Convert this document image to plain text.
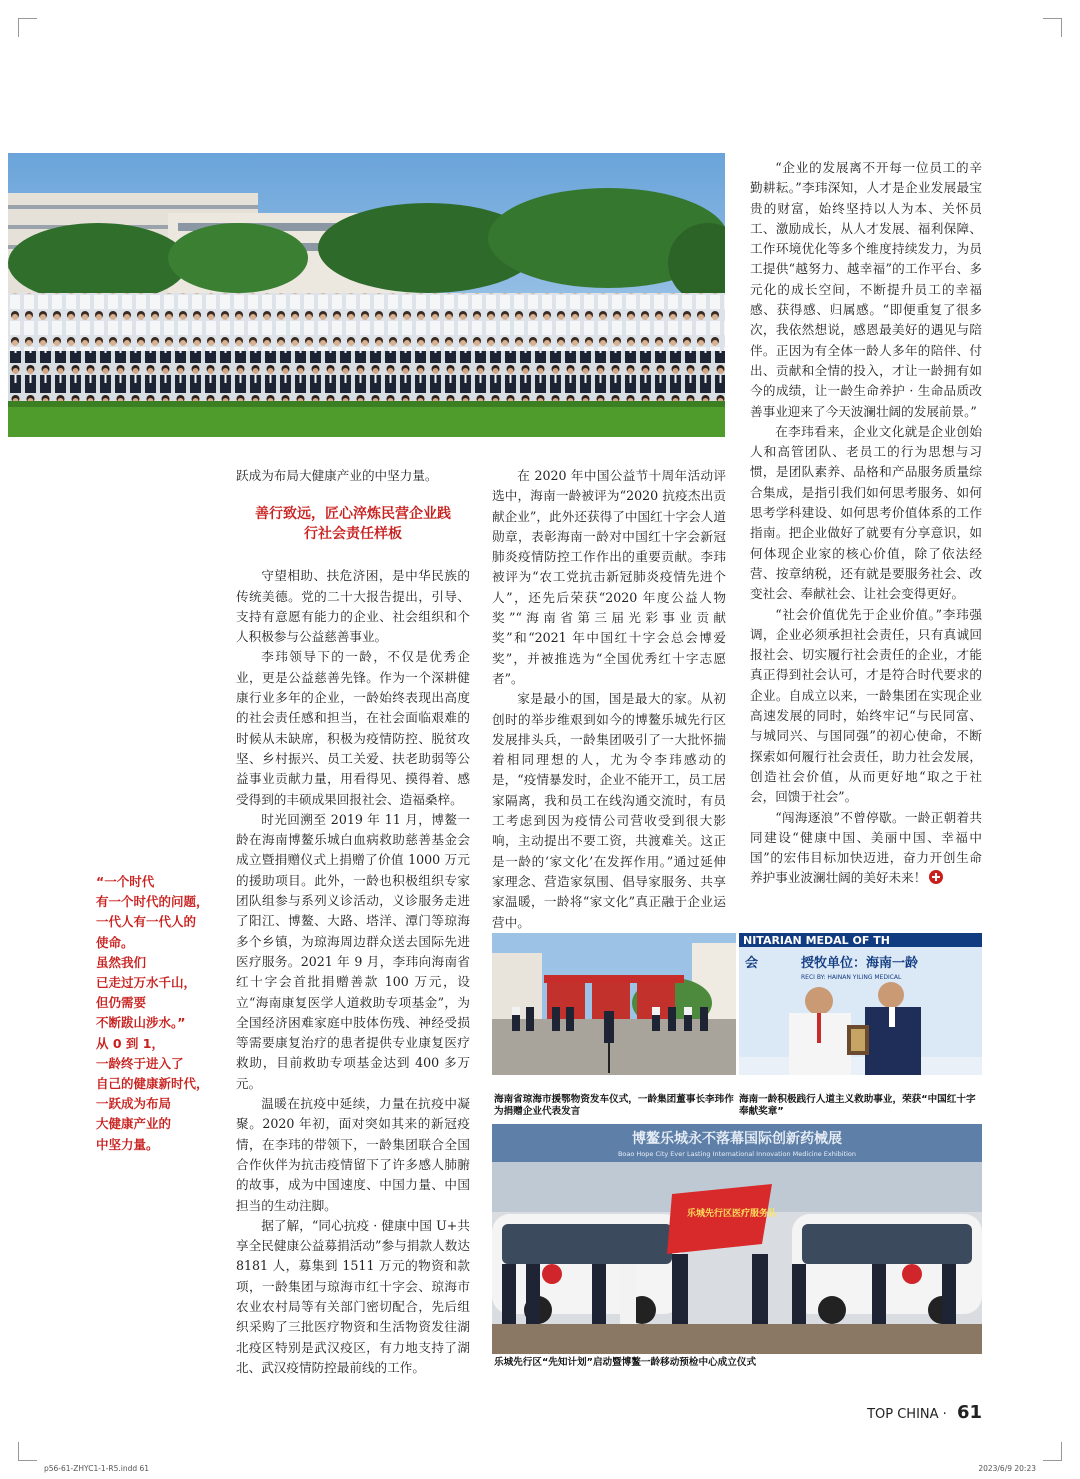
跃成为布局大健康产业的中坚力量。

善行致远，匠心淬炼民营企业践
行社会责任样板

守望相助、扶危济困，是中华民族的传统美德。党的二十大报告提出，引导、支持有意愿有能力的企业、社会组织和个人积极参与公益慈善事业。

李玮领导下的一龄，不仅是优秀企业，更是公益慈善先锋。作为一个深耕健康行业多年的企业，一龄始终表现出高度的社会责任感和担当，在社会面临艰难的时候从未缺席，积极为疫情防控、脱贫攻坚、乡村振兴、员工关爱、扶老助弱等公益事业贡献力量，用看得见、摸得着、感受得到的丰硕成果回报社会、造福桑梓。

时光回溯至 2019 年 11 月，博鳌一龄在海南博鳌乐城白血病救助慈善基金会成立暨捐赠仪式上捐赠了价值 1000 万元的援助项目。此外，一龄也积极组织专家团队组参与系列义诊活动，义诊服务走进了阳江、博鳌、大路、塔洋、潭门等琼海多个乡镇，为琼海周边群众送去国际先进医疗服务。2021 年 9 月，李玮向海南省红十字会首批捐赠善款 100 万元，设立“海南康复医学人道救助专项基金”，为全国经济困难家庭中肢体伤残、神经受损等需要康复治疗的患者提供专业康复医疗救助，目前救助专项基金达到 400 多万元。

温暖在抗疫中延续，力量在抗疫中凝聚。2020 年初，面对突如其来的新冠疫情，在李玮的带领下，一龄集团联合全国合作伙伴为抗击疫情留下了许多感人肺腑的故事，成为中国速度、中国力量、中国担当的生动注脚。

据了解，“同心抗疫 · 健康中国 U+共享全民健康公益募捐活动”参与捐款人数达 8181 人，募集到 1511 万元的物资和款项，一龄集团与琼海市红十字会、琼海市农业农村局等有关部门密切配合，先后组织采购了三批医疗物资和生活物资发往湖北疫区特别是武汉疫区，有力地支持了湖北、武汉疫情防控最前线的工作。

在 2020 年中国公益节十周年活动评选中，海南一龄被评为“2020 抗疫杰出贡献企业”，此外还获得了中国红十字会人道勋章，表彰海南一龄对中国红十字会新冠肺炎疫情防控工作作出的重要贡献。李玮被评为“农工党抗击新冠肺炎疫情先进个人”，还先后荣获“2020 年度公益人物奖”“海南省第三届光彩事业贡献奖”和“2021 年中国红十字会总会博爱奖”，并被推选为“全国优秀红十字志愿者”。

家是最小的国，国是最大的家。从初创时的举步维艰到如今的博鳌乐城先行区发展排头兵，一龄集团吸引了一大批怀揣着相同理想的人，尤为令李玮感动的是，“疫情暴发时，企业不能开工，员工居家隔离，我和员工在线沟通交流时，有员工考虑到因为疫情公司营收受到很大影响，主动提出不要工资，共渡难关。这正是一龄的‘家文化’在发挥作用。”通过延伸家理念、营造家氛围、倡导家服务、共享家温暖，一龄将“家文化”真正融于企业运营中。

“企业的发展离不开每一位员工的辛勤耕耘。”李玮深知，人才是企业发展最宝贵的财富，始终坚持以人为本、关怀员工、激励成长，从人才发展、福利保障、工作环境优化等多个维度持续发力，为员工提供“越努力、越幸福”的工作平台、多元化的成长空间，不断提升员工的幸福感、获得感、归属感。“即便重复了很多次，我依然想说，感恩最美好的遇见与陪伴。正因为有全体一龄人多年的陪伴、付出、贡献和全情的投入，才让一龄拥有如今的成绩，让一龄生命养护 · 生命品质改善事业迎来了今天波澜壮阔的发展前景。”

在李玮看来，企业文化就是企业创始人和高管团队、老员工的行为思想与习惯，是团队素养、品格和产品服务质量综合集成，是指引我们如何思考服务、如何思考学科建设、如何思考价值体系的工作指南。把企业做好了就要有分享意识，如何体现企业家的核心价值，除了依法经营、按章纳税，还有就是要服务社会、改变社会、奉献社会、让社会变得更好。

“社会价值优先于企业价值。”李玮强调，企业必须承担社会责任，只有真诚回报社会、切实履行社会责任的企业，才能真正得到社会认可，才是符合时代要求的企业。自成立以来，一龄集团在实现企业高速发展的同时，始终牢记“与民同富、与城同兴、与国同强”的初心使命，不断探索如何履行社会责任，助力社会发展，创造社会价值，从而更好地“取之于社会，回馈于社会”。

“闯海逐浪”不曾停歇。一龄正朝着共同建设“健康中国、美丽中国、幸福中国”的宏伟目标加快迈进，奋力开创生命养护事业波澜壮阔的美好未来！

“一个时代
有一个时代的问题，
一代人有一代人的
使命。
虽然我们
已走过万水千山，
但仍需要
不断跋山涉水。”
从 0 到 1，
一龄终于进入了
自己的健康新时代，
一跃成为布局
大健康产业的
中坚力量。
海南省琼海市援鄂物资发车仪式，一龄集团董事长李玮作为捐赠企业代表发言
NITARIAN MEDAL OF TH
会	授牧单位：海南一龄
RECI BY: HAINAN YILING MEDICAL
海南一龄积极践行人道主义救助事业，荣获“中国红十字奉献奖章”
博鳌乐城永不落幕国际创新药械展
Boao Hope City Ever Lasting International Innovation Medicine Exhibition
乐城先行区医疗服务队
乐城先行区“先知计划”启动暨博鳌一龄移动预检中心成立仪式
TOP CHINA · 61
p56-61-ZHYC1-1-R5.indd 61	2023/6/9 20:23
